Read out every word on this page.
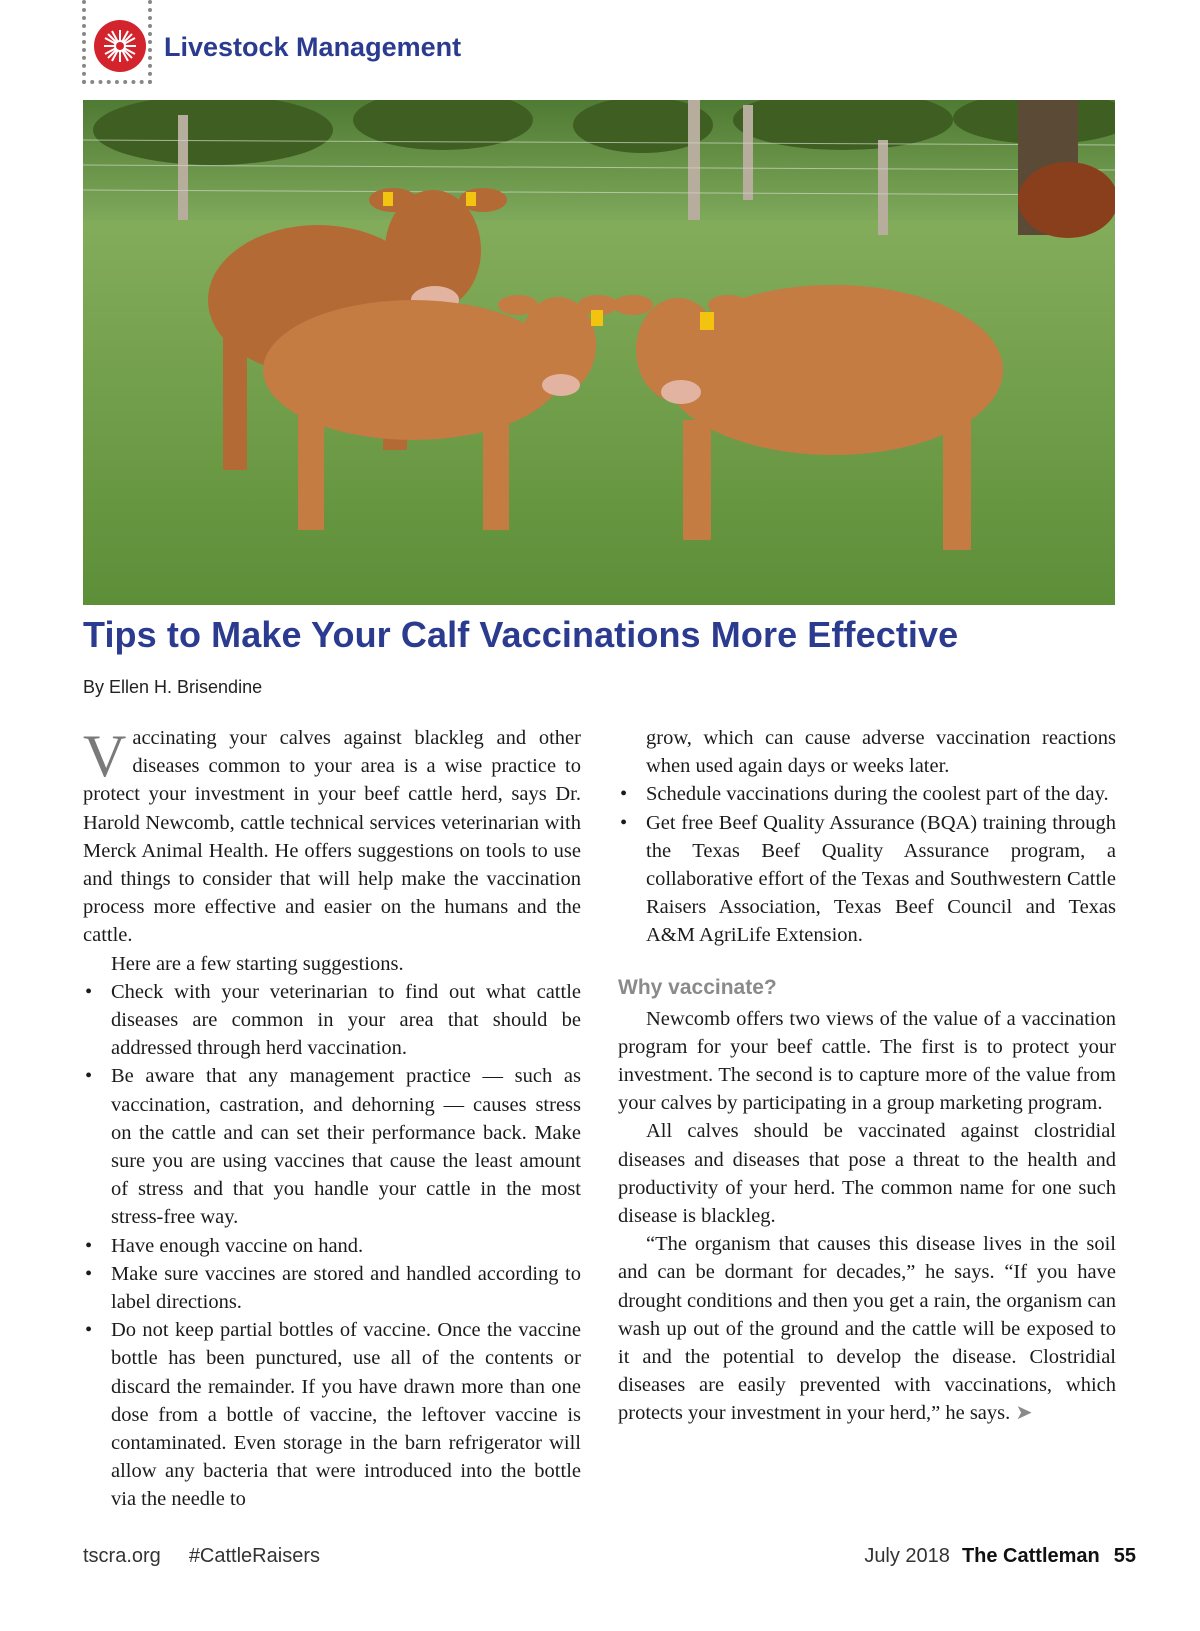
Livestock Management
Tips to Make Your Calf Vaccinations More Effective
By Ellen H. Brisendine

Vaccinating your calves against blackleg and other diseases common to your area is a wise practice to protect your investment in your beef cattle herd, says Dr. Harold Newcomb, cattle technical services veterinarian with Merck Animal Health. He offers suggestions on tools to use and things to consider that will help make the vaccination process more effective and easier on the humans and the cattle.

Here are a few starting suggestions.

• Check with your veterinarian to find out what cattle diseases are common in your area that should be addressed through herd vaccination.
• Be aware that any management practice — such as vaccination, castration, and dehorning — causes stress on the cattle and can set their performance back. Make sure you are using vaccines that cause the least amount of stress and that you handle your cattle in the most stress-free way.
• Have enough vaccine on hand.
• Make sure vaccines are stored and handled according to label directions.
• Do not keep partial bottles of vaccine. Once the vaccine bottle has been punctured, use all of the contents or discard the remainder. If you have drawn more than one dose from a bottle of vaccine, the leftover vaccine is contaminated. Even storage in the barn refrigerator will allow any bacteria that were introduced into the bottle via the needle to

grow, which can cause adverse vaccination reactions when used again days or weeks later.

• Schedule vaccinations during the coolest part of the day.
• Get free Beef Quality Assurance (BQA) training through the Texas Beef Quality Assurance program, a collaborative effort of the Texas and Southwestern Cattle Raisers Association, Texas Beef Council and Texas A&M AgriLife Extension.
Why vaccinate?

Newcomb offers two views of the value of a vaccination program for your beef cattle. The first is to protect your investment. The second is to capture more of the value from your calves by participating in a group marketing program.

All calves should be vaccinated against clostridial diseases and diseases that pose a threat to the health and productivity of your herd. The common name for one such disease is blackleg.

“The organism that causes this disease lives in the soil and can be dormant for decades,” he says. “If you have drought conditions and then you get a rain, the organism can wash up out of the ground and the cattle will be exposed to it and the potential to develop the disease. Clostridial diseases are easily prevented with vaccinations, which protects your investment in your herd,” he says. ➤

tscra.org #CattleRaisers	July 2018 The Cattleman 55
